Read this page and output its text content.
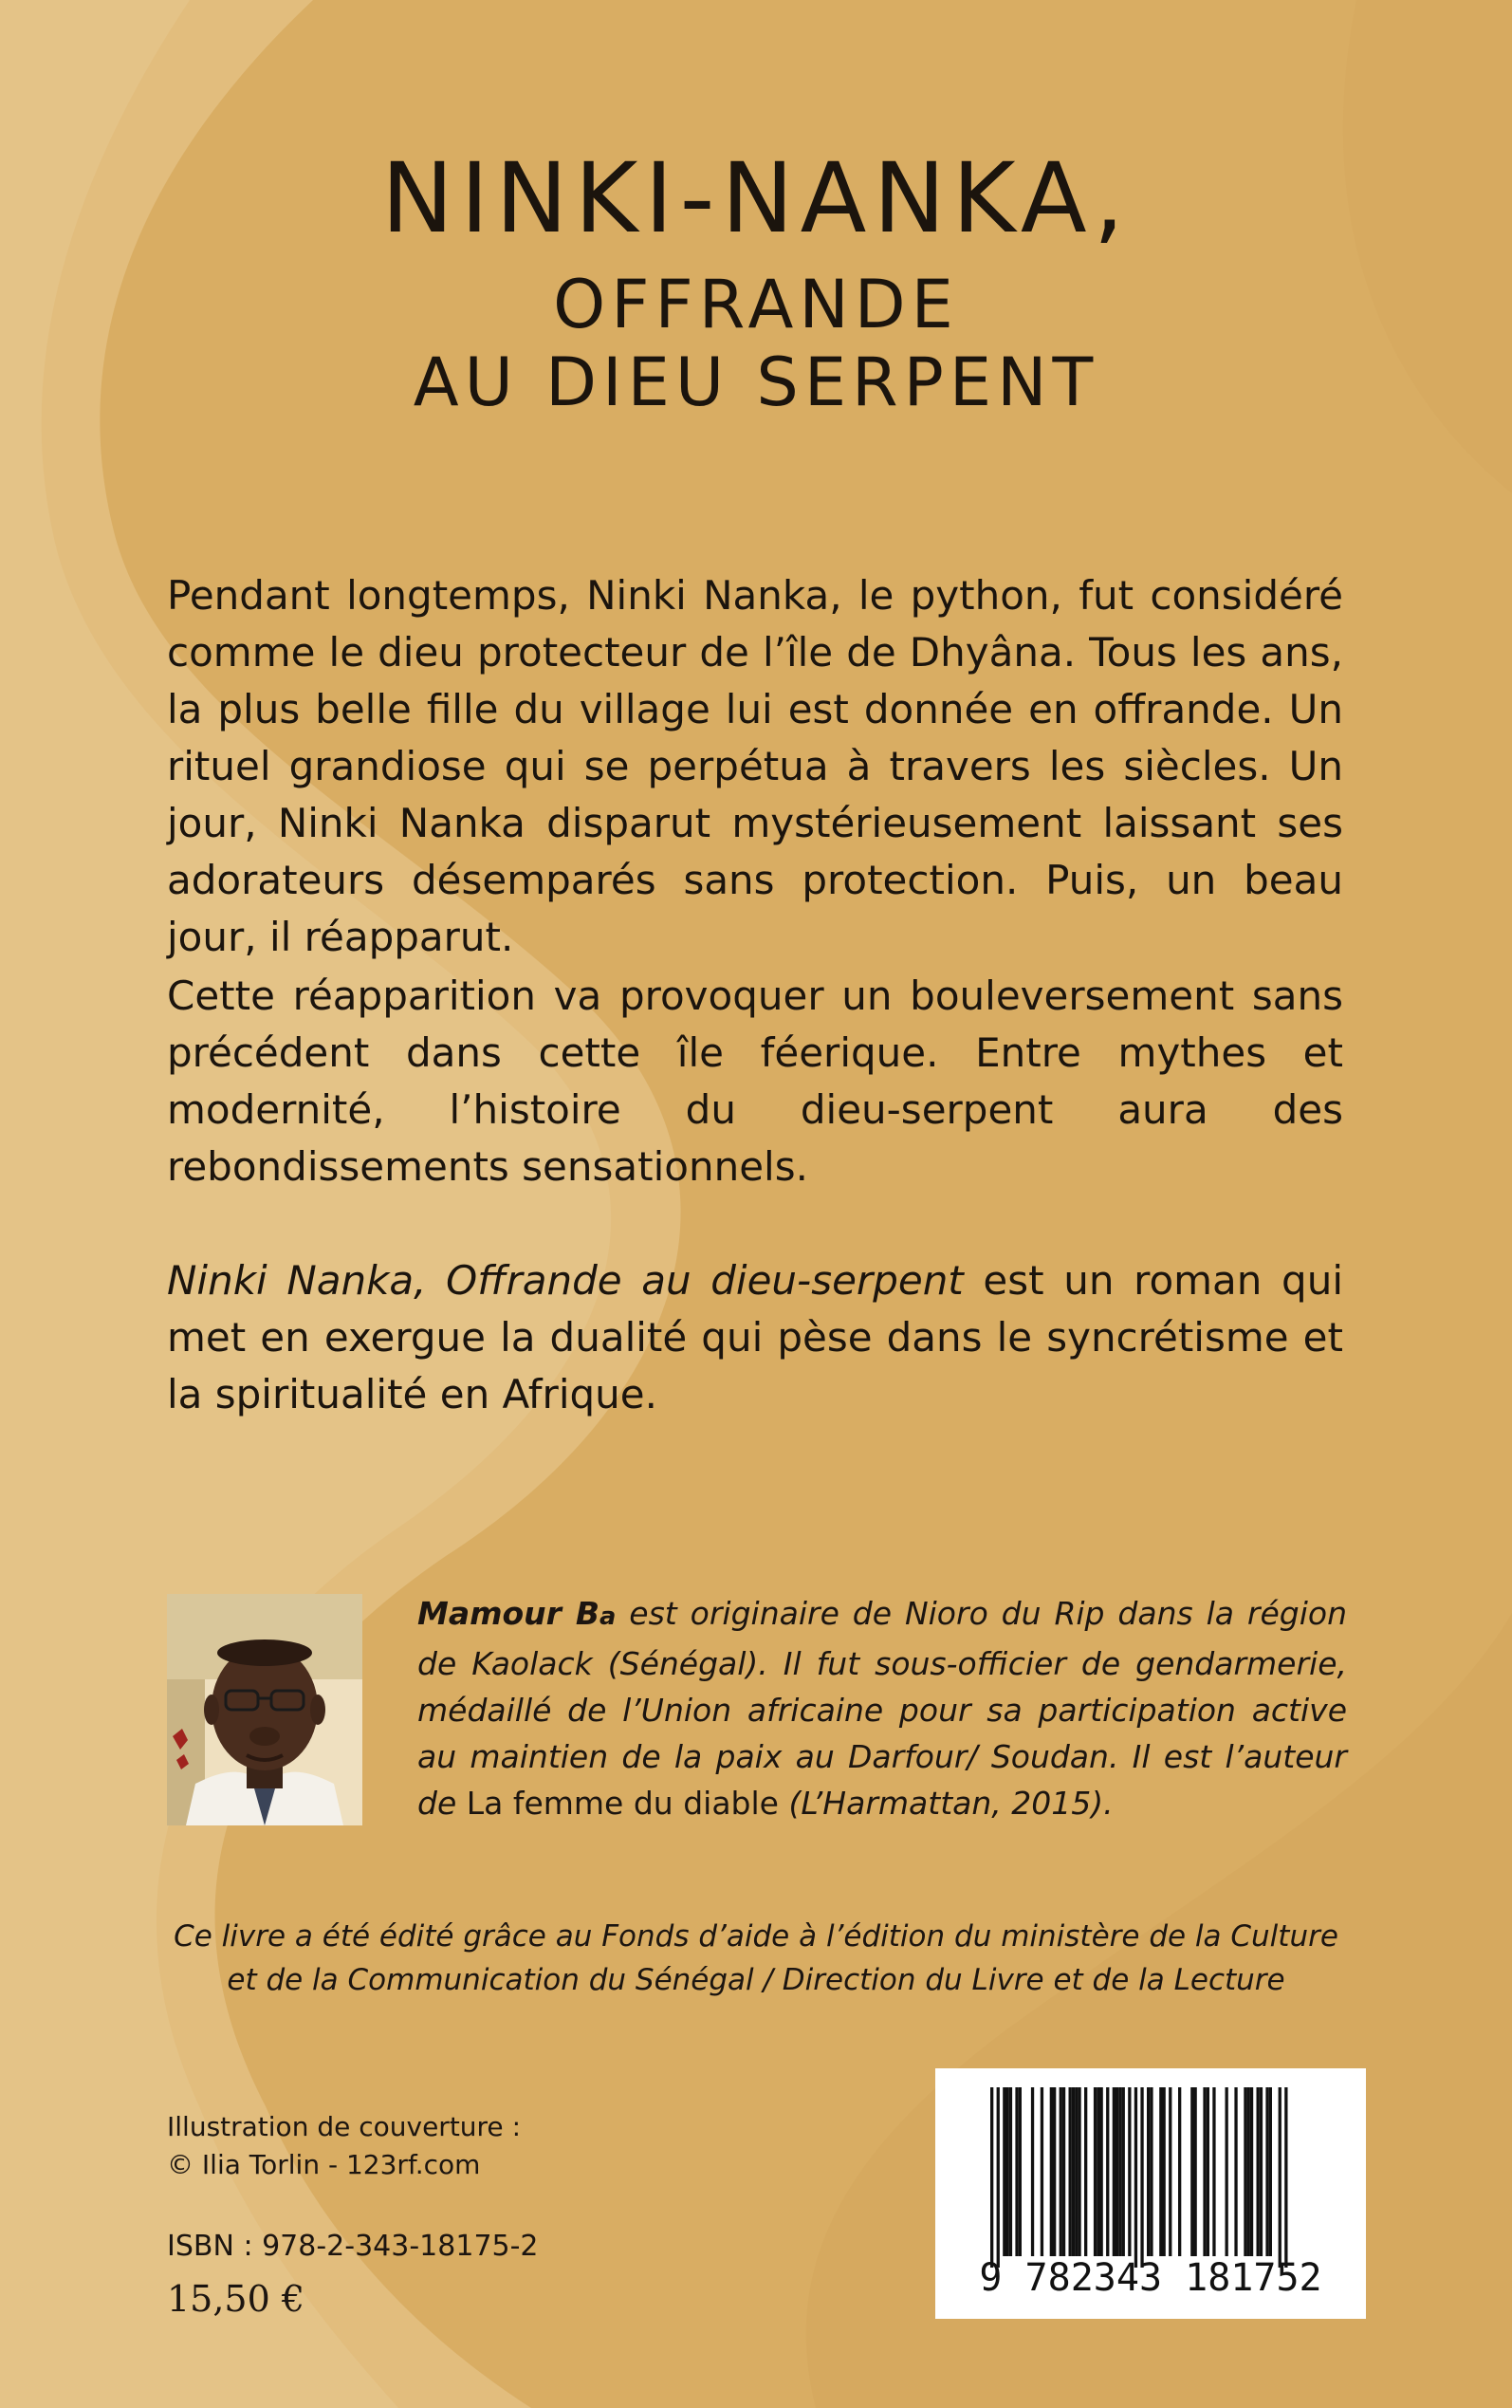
NINKI-NANKA,
OFFRANDE
AU DIEU SERPENT

Pendant longtemps, Ninki Nanka, le python, fut considéré comme le dieu protecteur de l’île de Dhyâna. Tous les ans, la plus belle fille du village lui est donnée en offrande. Un rituel grandiose qui se perpétua à travers les siècles. Un jour, Ninki Nanka disparut mystérieusement laissant ses adorateurs désemparés sans protection. Puis, un beau jour, il réapparut.

Cette réapparition va provoquer un bouleversement sans précédent dans cette île féerique. Entre mythes et modernité, l’histoire du dieu-serpent aura des rebondissements sensationnels.

Ninki Nanka, Offrande au dieu-serpent est un roman qui met en exergue la dualité qui pèse dans le syncrétisme et la spiritualité en Afrique.

Mamour Ba est originaire de Nioro du Rip dans la région de Kaolack (Sénégal). Il fut sous-officier de gendarmerie, médaillé de l’Union africaine pour sa participation active au maintien de la paix au Darfour/ Soudan. Il est l’auteur de La femme du diable (L’Harmattan, 2015).

Ce livre a été édité grâce au Fonds d’aide à l’édition du ministère de la Culture
et de la Communication du Sénégal / Direction du Livre et de la Lecture

Illustration de couverture :

© Ilia Torlin - 123rf.com

ISBN : 978-2-343-18175-2

15,50 €	9 782343 181752
